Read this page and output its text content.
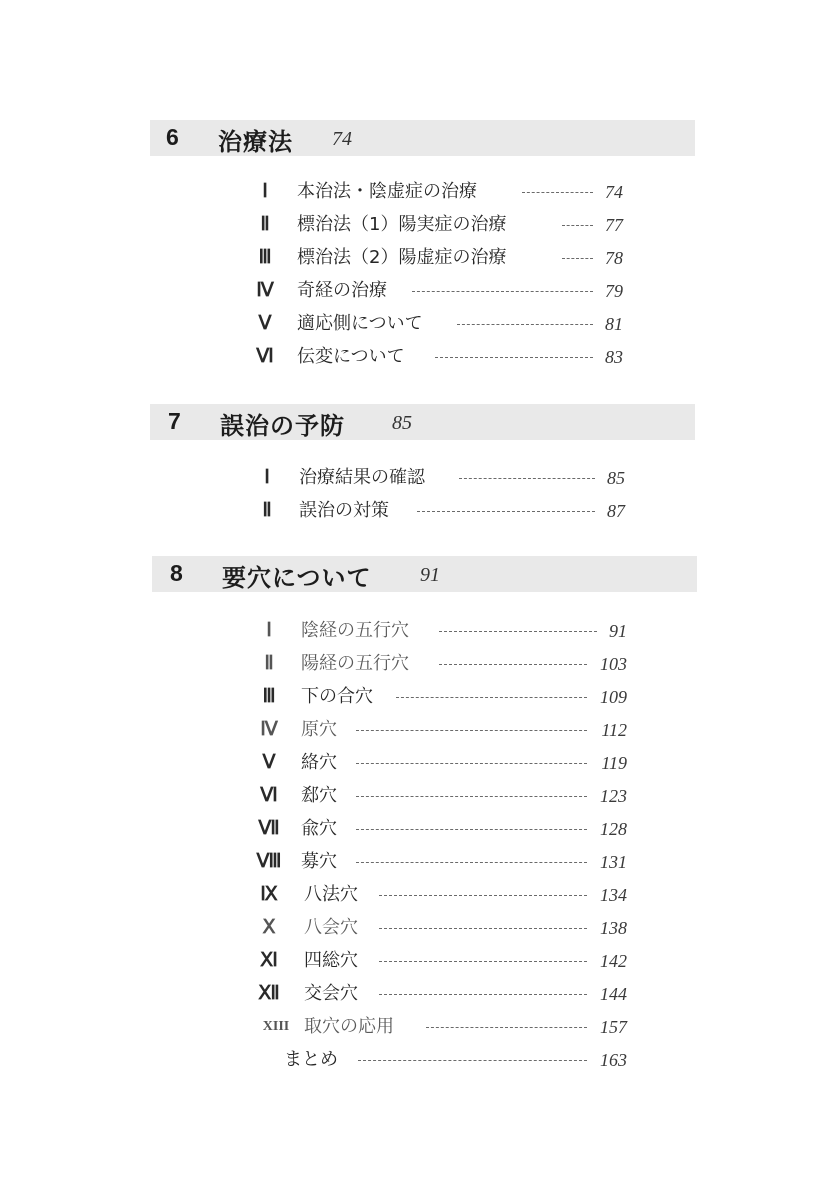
6 治療法 74
Ⅰ	本治法・陰虚症の治療	74
Ⅱ	標治法（1）陽実症の治療	77
Ⅲ	標治法（2）陽虚症の治療	78
Ⅳ	奇経の治療	79
Ⅴ	適応側について	81
Ⅵ	伝変について	83
7 誤治の予防 85
Ⅰ	治療結果の確認	85
Ⅱ	誤治の対策	87
8 要穴について 91
Ⅰ	陰経の五行穴	91
Ⅱ	陽経の五行穴	103
Ⅲ	下の合穴	109
Ⅳ	原穴	112
Ⅴ	絡穴	119
Ⅵ	郄穴	123
Ⅶ 兪穴	128
Ⅷ 募穴	131
Ⅸ	八法穴	134
Ⅹ	八会穴	138
Ⅺ	四総穴	142
Ⅻ 交会穴	144
XIII 取穴の応用	157
まとめ	163
